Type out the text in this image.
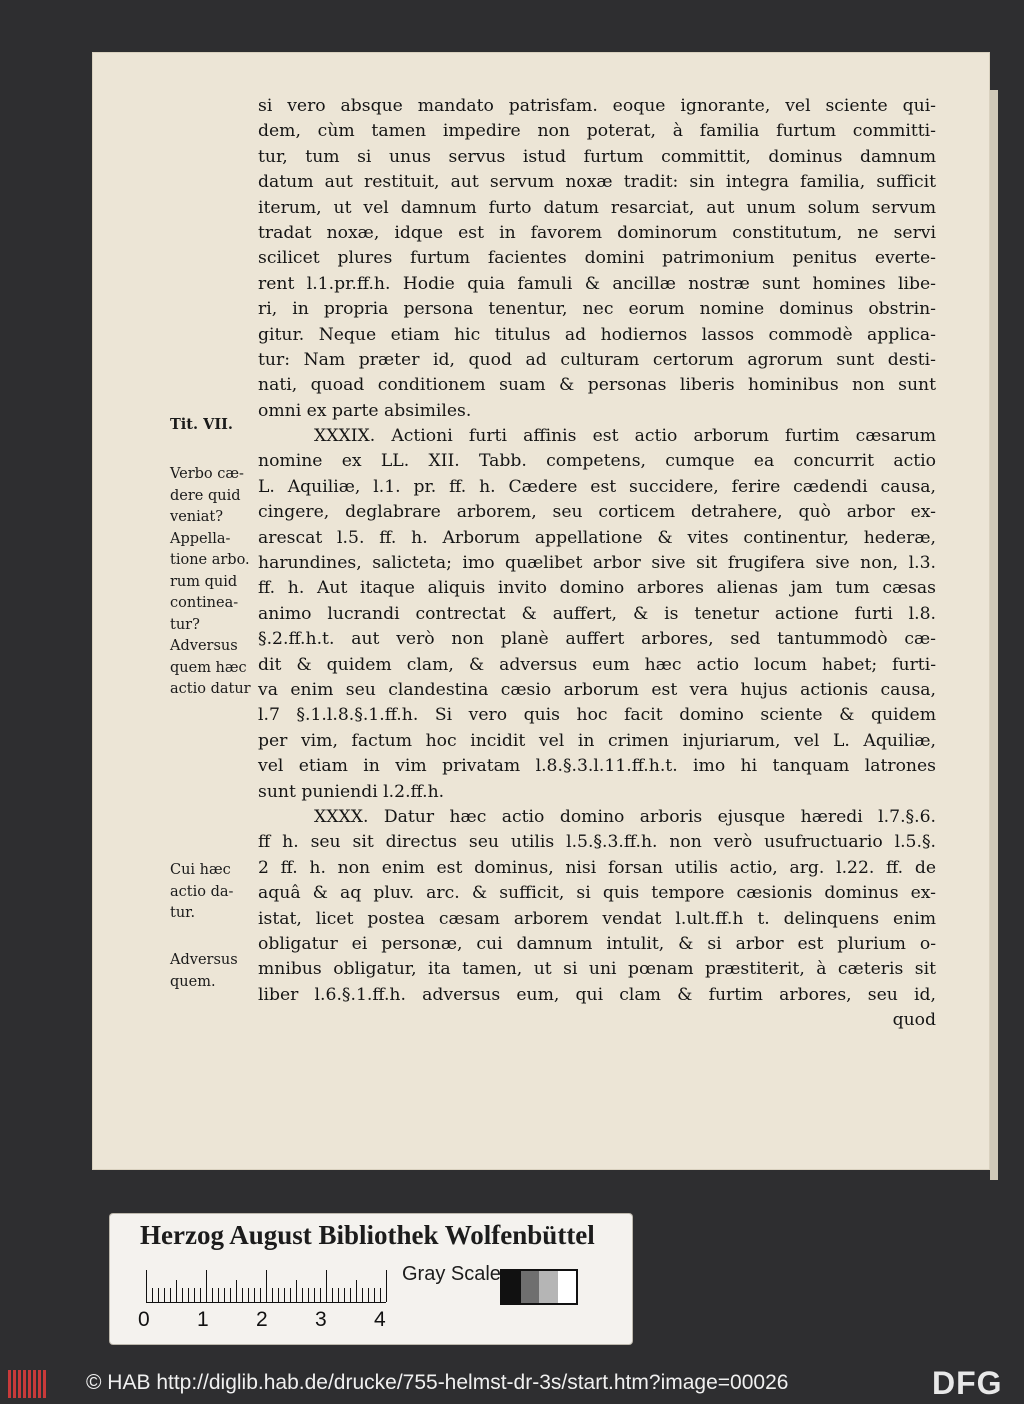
Tit. VII.
Verbo cæ-
dere quid
veniat?
Appella-
tione arbo.
rum quid
continea-
tur?
Adversus
quem hæc
actio datur
Cui hæc
actio da-
tur.
Adversus
quem.
si vero absque mandato patrisfam. eoque ignorante, vel sciente qui-
dem, cùm tamen impedire non poterat, à familia furtum committi-
tur, tum si unus servus istud furtum committit, dominus damnum
datum aut restituit, aut servum noxæ tradit: sin integra familia, sufficit
iterum, ut vel damnum furto datum resarciat, aut unum solum servum
tradat noxæ, idque est in favorem dominorum constitutum, ne servi
scilicet plures furtum facientes domini patrimonium penitus everte-
rent l.1.pr.ff.h. Hodie quia famuli & ancillæ nostræ sunt homines libe-
ri, in propria persona tenentur, nec eorum nomine dominus obstrin-
gitur. Neque etiam hic titulus ad hodiernos lassos commodè applica-
tur: Nam præter id, quod ad culturam certorum agrorum sunt desti-
nati, quoad conditionem suam & personas liberis hominibus non sunt
omni ex parte absimiles.
XXXIX. Actioni furti affinis est actio arborum furtim cæsarum
nomine ex LL. XII. Tabb. competens, cumque ea concurrit actio
L. Aquiliæ, l.1. pr. ff. h. Cædere est succidere, ferire cædendi causa,
cingere, deglabrare arborem, seu corticem detrahere, quò arbor ex-
arescat l.5. ff. h. Arborum appellatione & vites continentur, hederæ,
harundines, salicteta; imo quælibet arbor sive sit frugifera sive non, l.3.
ff. h. Aut itaque aliquis invito domino arbores alienas jam tum cæsas
animo lucrandi contrectat & auffert, & is tenetur actione furti l.8.
§.2.ff.h.t. aut verò non planè auffert arbores, sed tantummodò cæ-
dit & quidem clam, & adversus eum hæc actio locum habet; furti-
va enim seu clandestina cæsio arborum est vera hujus actionis causa,
l.7 §.1.l.8.§.1.ff.h. Si vero quis hoc facit domino sciente & quidem
per vim, factum hoc incidit vel in crimen injuriarum, vel L. Aquiliæ,
vel etiam in vim privatam l.8.§.3.l.11.ff.h.t. imo hi tanquam latrones
sunt puniendi l.2.ff.h.
XXXX. Datur hæc actio domino arboris ejusque hæredi l.7.§.6.
ff h. seu sit directus seu utilis l.5.§.3.ff.h. non verò usufructuario l.5.§.
2 ff. h. non enim est dominus, nisi forsan utilis actio, arg. l.22. ff. de
aquâ & aq pluv. arc. & sufficit, si quis tempore cæsionis dominus ex-
istat, licet postea cæsam arborem vendat l.ult.ff.h t. delinquens enim
obligatur ei personæ, cui damnum intulit, & si arbor est plurium o-
mnibus obligatur, ita tamen, ut si uni pœnam præstiterit, à cæteris sit
liber l.6.§.1.ff.h. adversus eum, qui clam & furtim arbores, seu id,
quod
Herzog August Bibliothek Wolfenbüttel
0 1 2 3 4
Gray Scale
© HAB http://diglib.hab.de/drucke/755-helmst-dr-3s/start.htm?image=00026	DFG
